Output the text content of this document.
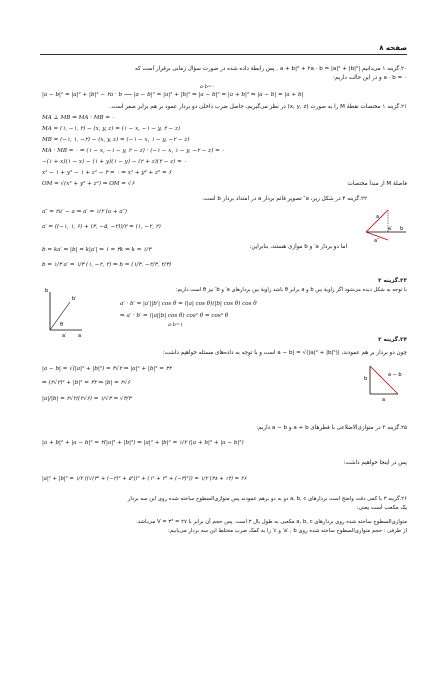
صفحه ۸
۲۰.گزینه ۱ می‌دانیم |a + b|² + ۲a · b = |a|² + |b|² , پس رابطهٔ داده شده در صورت سؤال زمانی برقرار است که
a · b = ۰ و در این حالت داریم:
a·b=۰
|a − b|² = |a|² + |b|² − ۲a · b ⟶ |a − b|² = |a|² + |b|² ⇒ |a − b|² = |a + b|² ⇒ |a − b| = |a + b|
۲۱.گزینه ۱ مختصات نقطهٔ M را به صورت (x, y, z) در نظر می‌گیریم، حاصل ضرب داخلی دو بردار عمود بر هم برابر صفر است.
MA ⊥ MB ⇒ MA · MB = ۰
MA = (۱, −۱, ۲) − (x, y, z) = (۱ − x, −۱ − y, ۲ − z)
MB = (−۱, ۱, −۲) − (x, y, z) = (−۱ − x, ۱ − y, −۲ − z)
MA · MB = ۰ ⇒ (۱ − x, −۱ − y, ۲ − z) · (−۱ − x, ۱ − y, −۲ − z) = ۰
−(۱ + x)(۱ − x) − (۱ + y)(۱ − y) − (۲ + z)(۲ − z) = ۰
x² − ۱ + y² − ۱ + z² − ۴ = ۰ ⇒ x² + y² + z² = ۶
OM = √(x² + y² + z²) ⇒ OM = √۶	فاصلهٔ M از مبدأ مختصات
۲۲.گزینه ۴ در شکل زیر، a″ تصویر قائم بردار a در امتداد بردار b است.
a
b
a′
a″
a″ = ۲a′ − a ⇒ a′ = ۱/۲ (a + a″)
a′ = ((−۱, ۱, ۶) + (۳, −۵, −۲))/۲ = (۱, −۲, ۲)
اما دو بردار a′ و b موازی هستند، بنابراین:
b = ka′ ⇒ |b| = k|a′| ⇒ ۱ = ۳k ⇒ k = ۱/۳
b = ۱/۳ a′ = ۱/۳ (۱, −۲, ۲) ⇒ b = (۱/۳, −۲/۳, ۲/۳)
۲۳.گزینه ۲
θ
a
b
a′
b′
با توجه به شکل دیده می‌شود اگر زاویهٔ بین b و a برابر θ باشد زاویهٔ بین بردارهای a′ و b′ نیز θ است داریم:
a′ · b′ = |a′||b′| cos θ = (|a| cos θ)(|b| cos θ) cos θ
⇒ a′ · b′ = (|a||b| cos θ) cos² θ = cos³ θ
a·b=۱
۲۴.گزینه ۲
چون دو بردار بر هم عمودند، |a − b| = √(|a|² + |b|²) است و با توجه به داده‌های مسئله خواهیم داشت:
b
a
a − b
|a − b| = √(|a|² + |b|²) = ۴√۲ ⇒ |a|² + |b|² = ۳۲
⇒ (۲√۲)² + |b|² = ۳۲ ⇒ |b| = ۲√۶
|a|/|b| = ۲√۲/(۲√۶) = ۱/√۳ = √۳/۳
۲۵.گزینه ۳ در متوازی‌الاضلاعی با قطرهای a + b و a − b داریم:
|a + b|² + |a − b|² = ۲(|a|² + |b|²) ⇒ |a|² + |b|² = ۱/۲ (|a + b|² + |a − b|²)
پس در اینجا خواهیم داشت:
|a|² + |b|² = ۱/۲ ((√(۳² + (−۲)² + ۵²))² + (۱² + ۲² + (−۳)²)) = ۱/۲ (۳۸ + ۱۴) = ۲۶
۲۶.گزینه ۳ با کمی دقت واضح است بردارهای a, b, c دو به دو برهم عمودند پس متوازی‌السطوح ساخته شده روی این سه بردار
یک مکعب است یعنی:
متوازی‌السطوح ساخته شده روی بردارهای a, b, c مکعبی به طول یال ۳ است. پس حجم آن برابر با V = ۳³ = ۲۷ می‌باشد.
از طرفی : حجم متوازی‌السطوح ساخته شده روی a′ , b′ و c′ را به کمک ضرب مختلط این سه بردار می‌یابیم:
